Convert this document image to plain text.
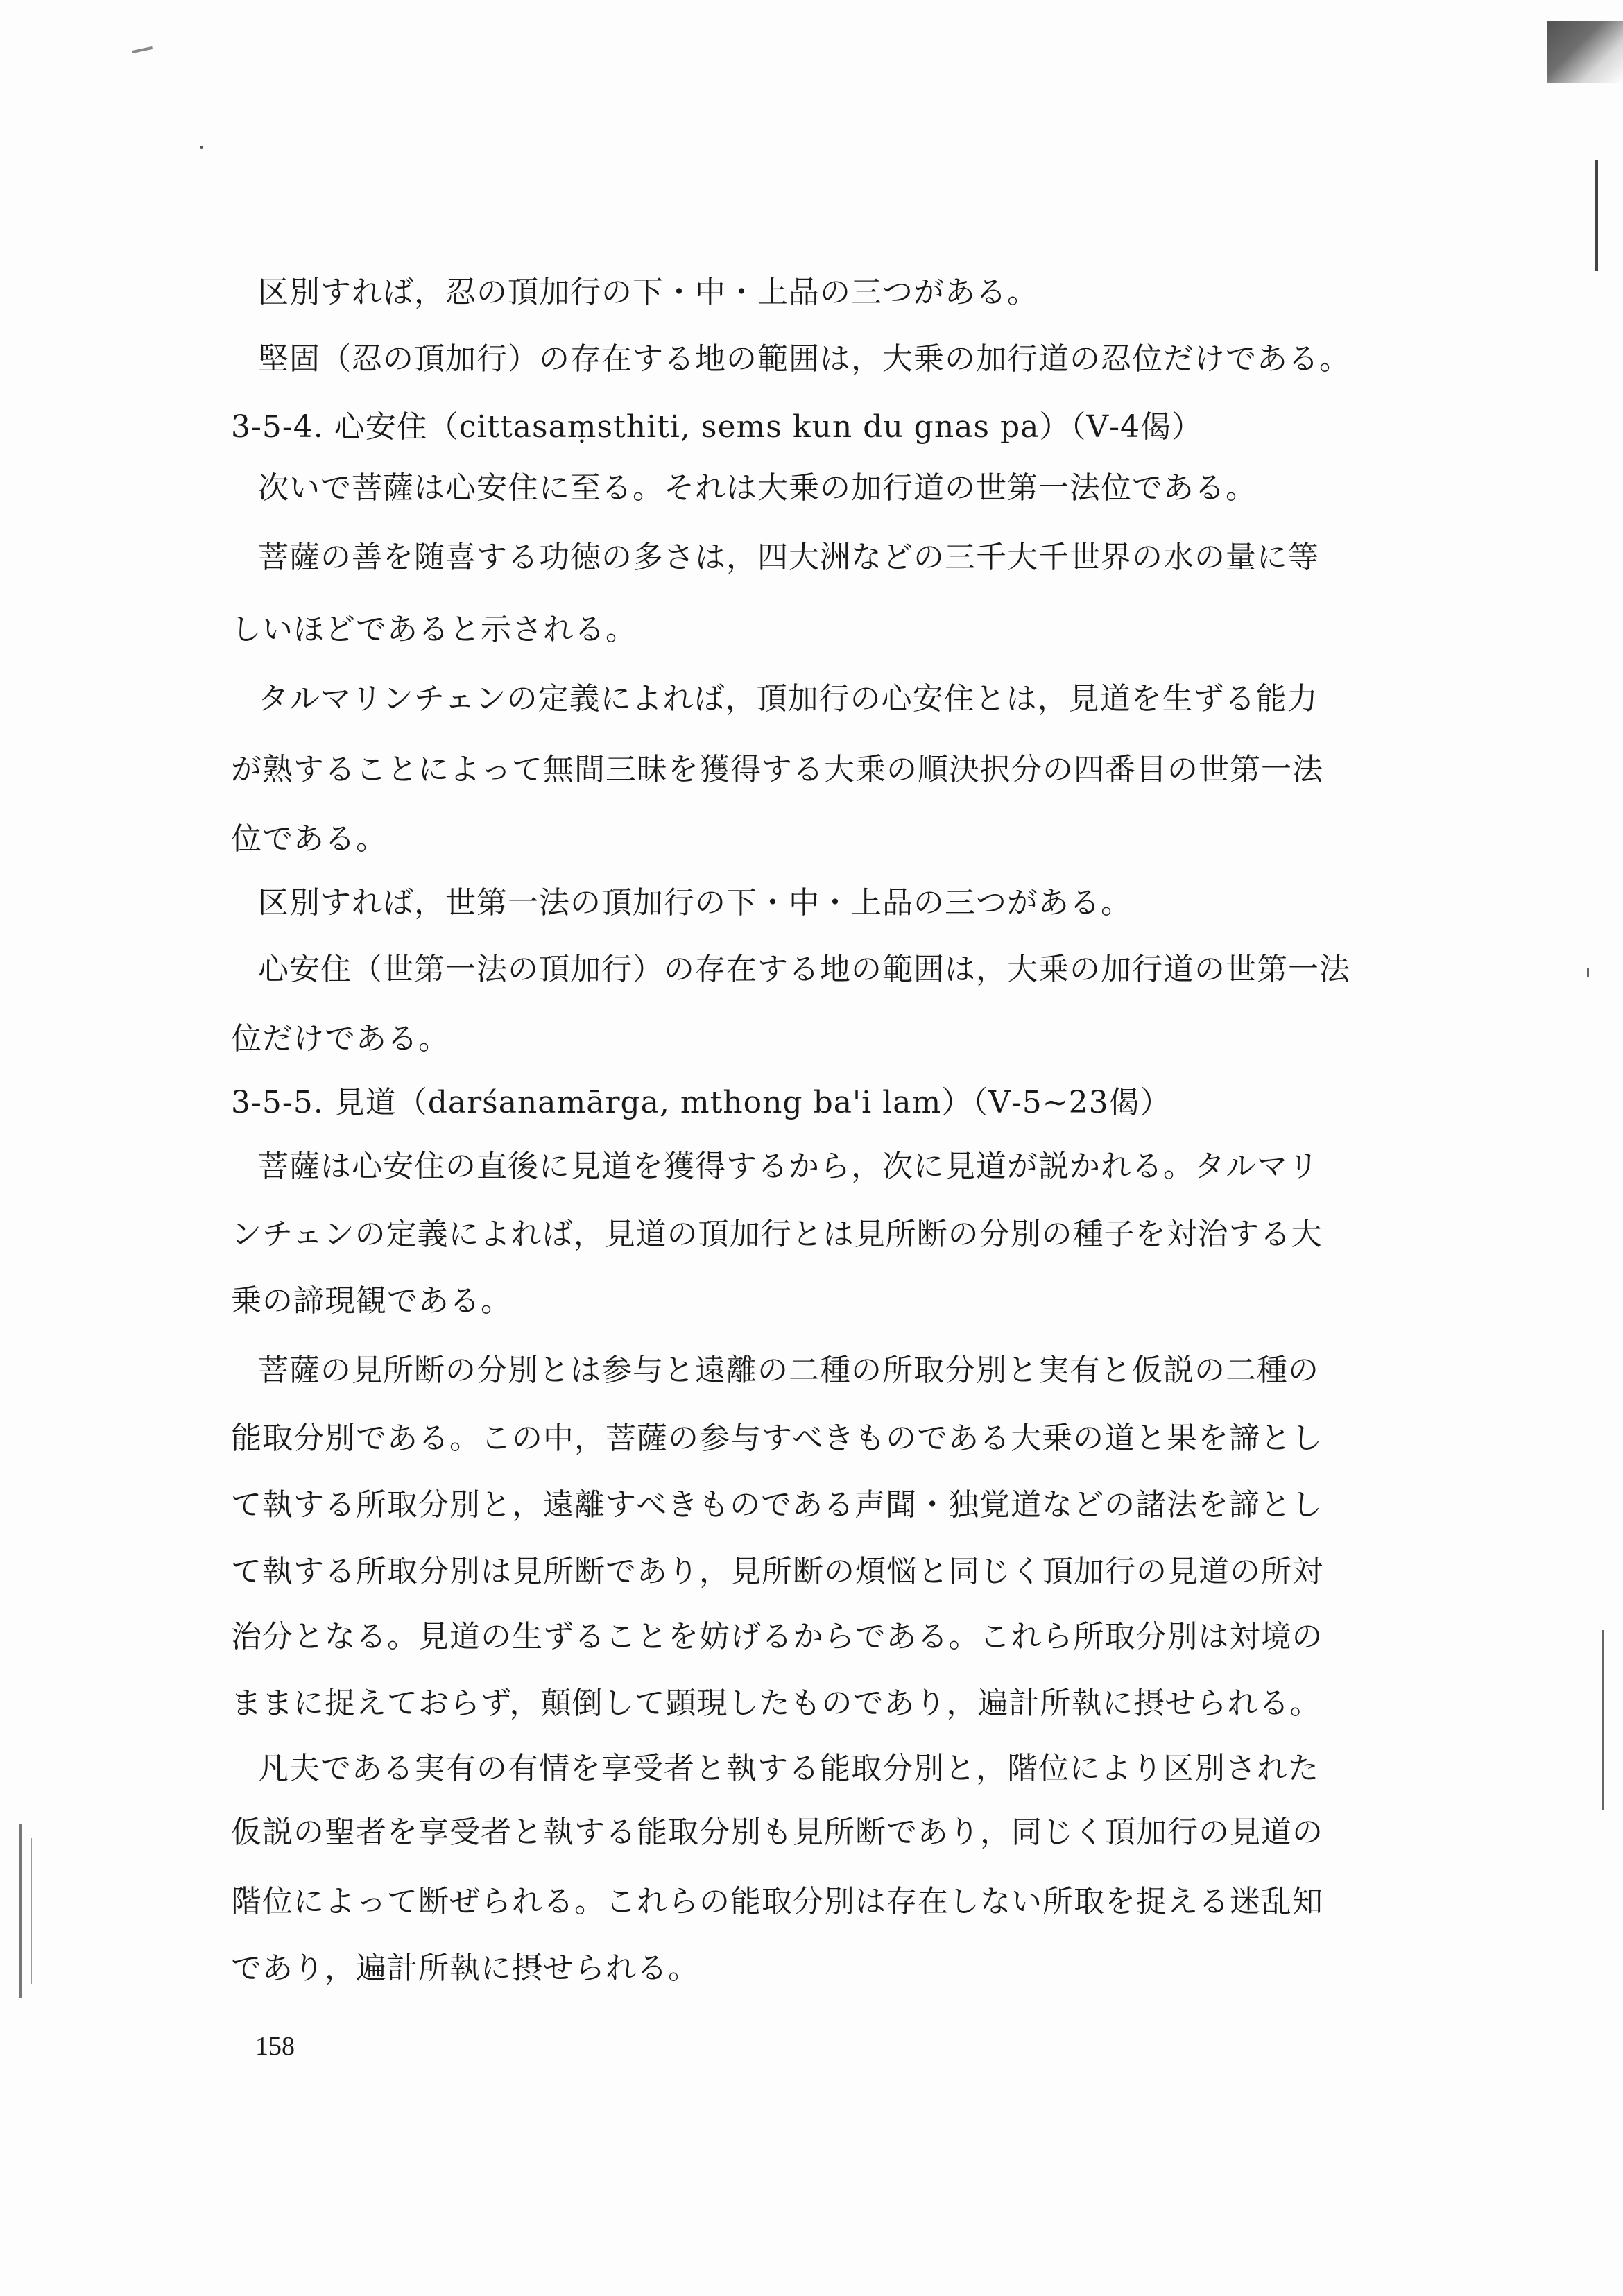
区別すれば，忍の頂加行の下・中・上品の三つがある。
堅固（忍の頂加行）の存在する地の範囲は，大乗の加行道の忍位だけである。
3-5-4. 心安住（cittasaṃsthiti, sems kun du gnas pa）（Ⅴ-4偈）
次いで菩薩は心安住に至る。それは大乗の加行道の世第一法位である。
菩薩の善を随喜する功徳の多さは，四大洲などの三千大千世界の水の量に等
しいほどであると示される。
タルマリンチェンの定義によれば，頂加行の心安住とは，見道を生ずる能力
が熟することによって無間三昧を獲得する大乗の順決択分の四番目の世第一法
位である。
区別すれば，世第一法の頂加行の下・中・上品の三つがある。
心安住（世第一法の頂加行）の存在する地の範囲は，大乗の加行道の世第一法
位だけである。
3-5-5. 見道（darśanamārga, mthong ba'i lam）（Ⅴ-5~23偈）
菩薩は心安住の直後に見道を獲得するから，次に見道が説かれる。タルマリ
ンチェンの定義によれば，見道の頂加行とは見所断の分別の種子を対治する大
乗の諦現観である。
菩薩の見所断の分別とは参与と遠離の二種の所取分別と実有と仮説の二種の
能取分別である。この中，菩薩の参与すべきものである大乗の道と果を諦とし
て執する所取分別と，遠離すべきものである声聞・独覚道などの諸法を諦とし
て執する所取分別は見所断であり，見所断の煩悩と同じく頂加行の見道の所対
治分となる。見道の生ずることを妨げるからである。これら所取分別は対境の
ままに捉えておらず，顛倒して顕現したものであり，遍計所執に摂せられる。
凡夫である実有の有情を享受者と執する能取分別と，階位により区別された
仮説の聖者を享受者と執する能取分別も見所断であり，同じく頂加行の見道の
階位によって断ぜられる。これらの能取分別は存在しない所取を捉える迷乱知
であり，遍計所執に摂せられる。
158
